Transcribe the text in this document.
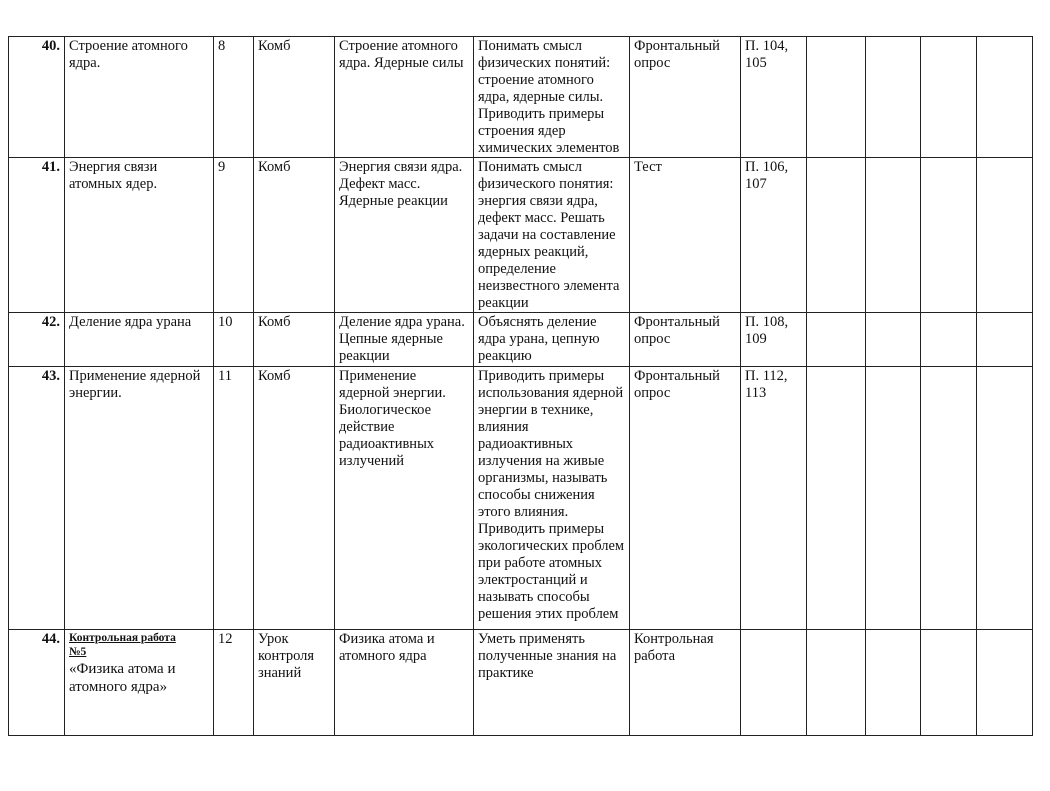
40.	Строение атомного ядра.	8	Комб	Строение атомного ядра. Ядерные силы	Понимать смысл физических понятий: строение атомного ядра, ядерные силы. Приводить примеры строения ядер химических элементов	Фронтальный опрос	П. 104, 105				
41.	Энергия связи атомных ядер.	9	Комб	Энергия связи ядра. Дефект масс. Ядерные реакции	Понимать смысл физического понятия: энергия связи ядра, дефект масс. Решать задачи на составление ядерных реакций, определение неизвестного элемента реакции	Тест	П. 106, 107				
42.	Деление ядра урана	10	Комб	Деление ядра урана. Цепные ядерные реакции	Объяснять деление ядра урана, цепную реакцию	Фронтальный опрос	П. 108, 109				
43.	Применение ядерной энергии.	11	Комб	Применение ядерной энергии. Биологическое действие радиоактивных излучений	Приводить примеры использования ядерной энергии в технике, влияния радиоактивных излучения на живые организмы, называть способы снижения этого влияния. Приводить примеры экологических проблем при работе атомных электростанций и называть способы решения этих проблем	Фронтальный опрос	П. 112, 113				
44.	Контрольная работа
№5
«Физика атома и атомного ядра»	12	Урок контроля знаний	Физика атома и атомного ядра	Уметь применять полученные знания на практике	Контрольная работа					
